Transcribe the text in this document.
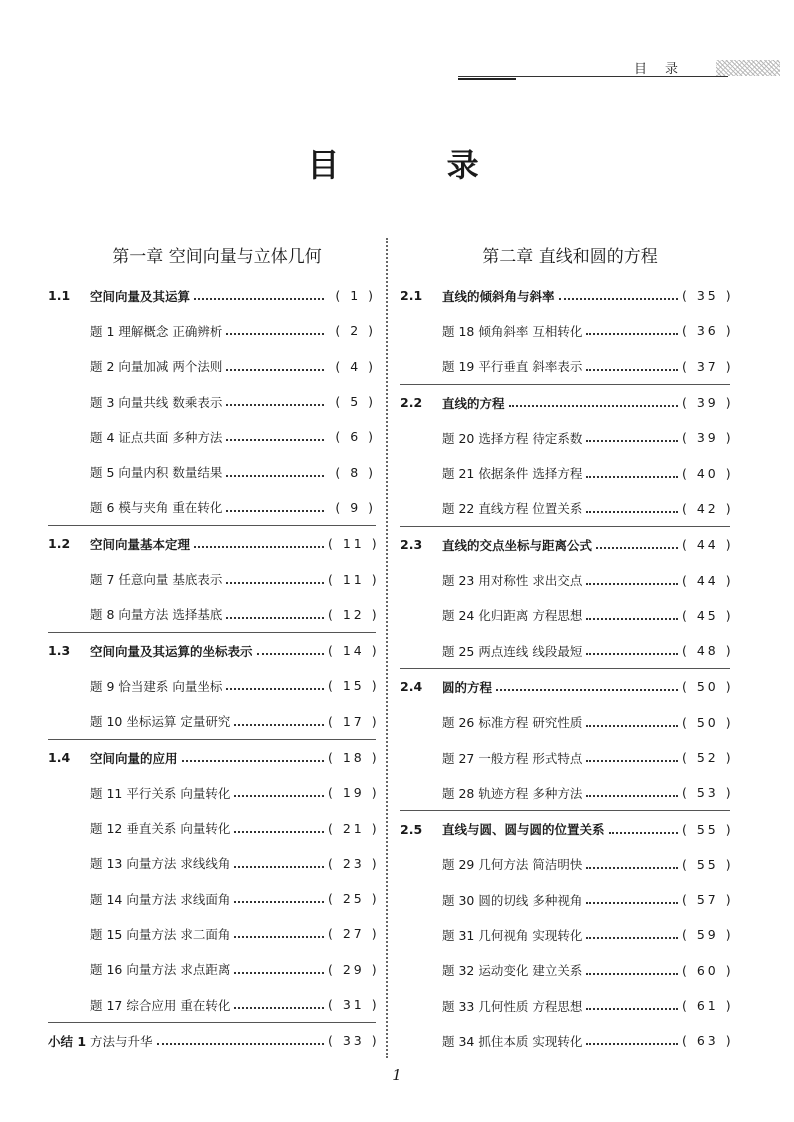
目录
目 录
第一章 空间向量与立体几何
1.1	空间向量及其运算	( 1 )
题 1 理解概念 正确辨析	( 2 )
题 2 向量加减 两个法则	( 4 )
题 3 向量共线 数乘表示	( 5 )
题 4 证点共面 多种方法	( 6 )
题 5 向量内积 数量结果	( 8 )
题 6 模与夹角 重在转化	( 9 )
1.2	空间向量基本定理	( 11 )
题 7 任意向量 基底表示	( 11 )
题 8 向量方法 选择基底	( 12 )
1.3	空间向量及其运算的坐标表示	( 14 )
题 9 恰当建系 向量坐标	( 15 )
题 10 坐标运算 定量研究	( 17 )
1.4	空间向量的应用	( 18 )
题 11 平行关系 向量转化	( 19 )
题 12 垂直关系 向量转化	( 21 )
题 13 向量方法 求线线角	( 23 )
题 14 向量方法 求线面角	( 25 )
题 15 向量方法 求二面角	( 27 )
题 16 向量方法 求点距离	( 29 )
题 17 综合应用 重在转化	( 31 )
小结 1 方法与升华	( 33 )
第二章 直线和圆的方程
2.1	直线的倾斜角与斜率	( 35 )
题 18 倾角斜率 互相转化	( 36 )
题 19 平行垂直 斜率表示	( 37 )
2.2	直线的方程	( 39 )
题 20 选择方程 待定系数	( 39 )
题 21 依据条件 选择方程	( 40 )
题 22 直线方程 位置关系	( 42 )
2.3	直线的交点坐标与距离公式	( 44 )
题 23 用对称性 求出交点	( 44 )
题 24 化归距离 方程思想	( 45 )
题 25 两点连线 线段最短	( 48 )
2.4	圆的方程	( 50 )
题 26 标准方程 研究性质	( 50 )
题 27 一般方程 形式特点	( 52 )
题 28 轨迹方程 多种方法	( 53 )
2.5	直线与圆、圆与圆的位置关系	( 55 )
题 29 几何方法 简洁明快	( 55 )
题 30 圆的切线 多种视角	( 57 )
题 31 几何视角 实现转化	( 59 )
题 32 运动变化 建立关系	( 60 )
题 33 几何性质 方程思想	( 61 )
题 34 抓住本质 实现转化	( 63 )
1
